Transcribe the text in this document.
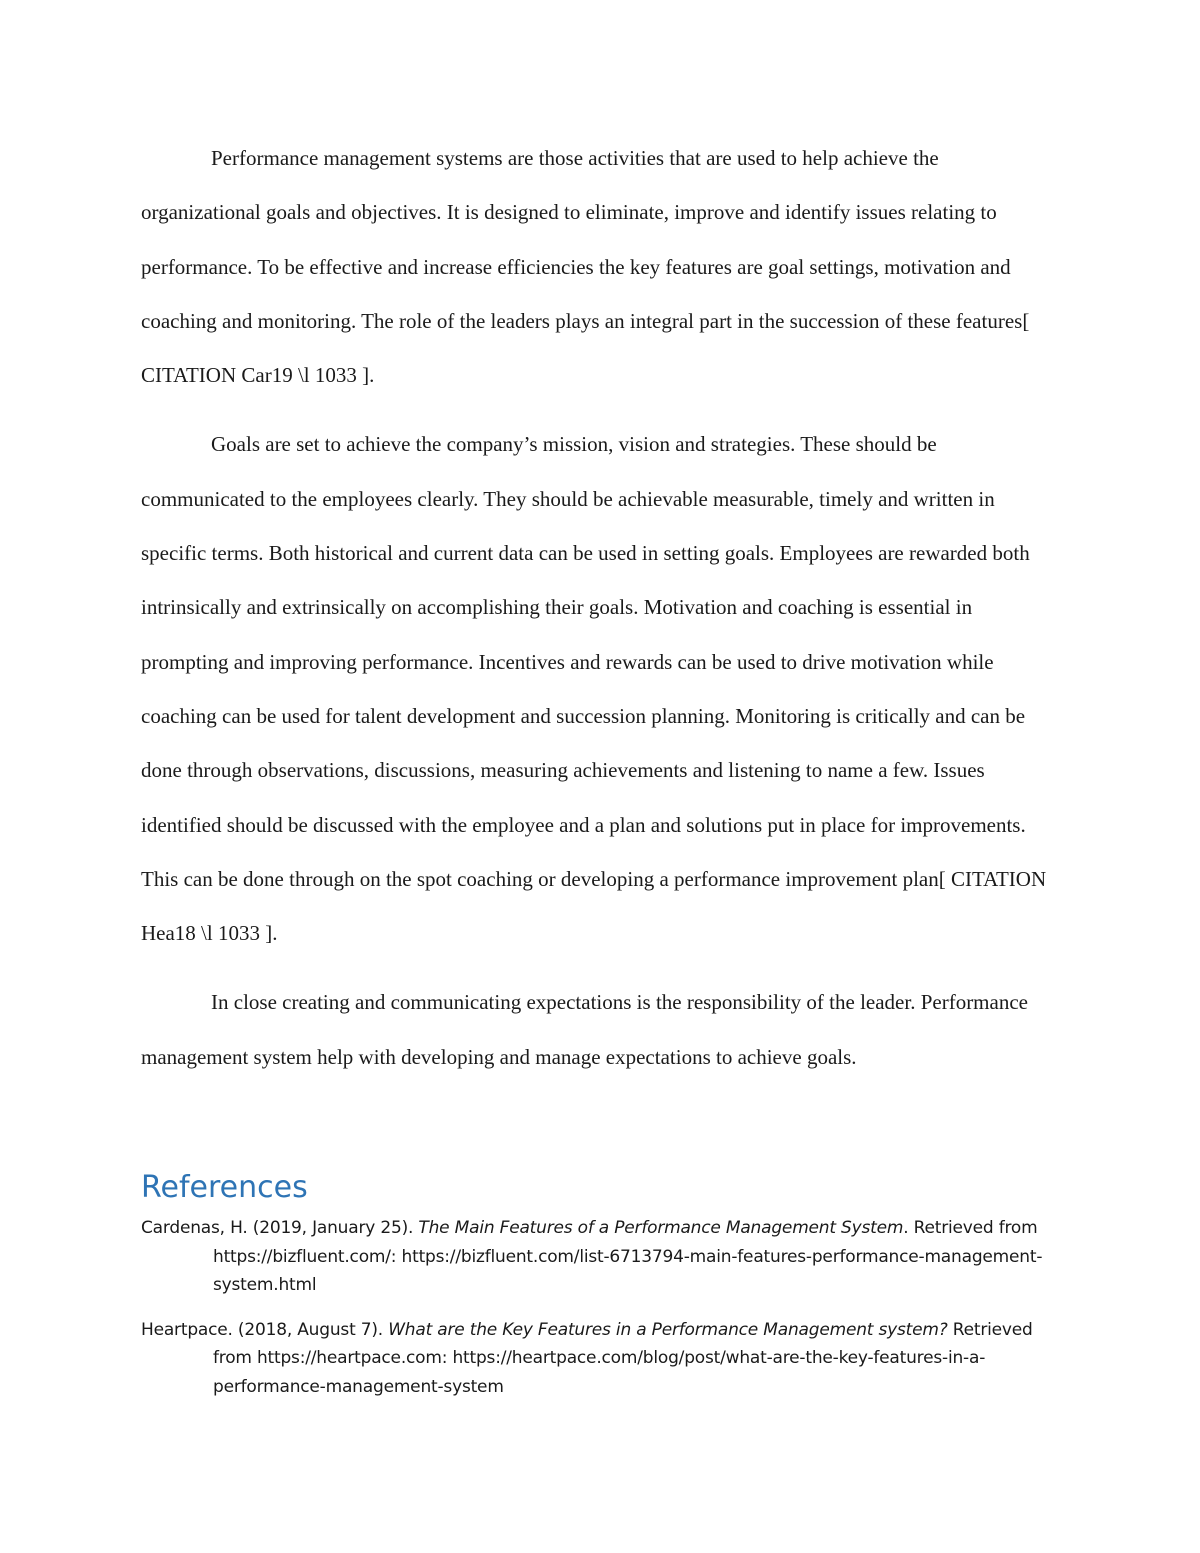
Performance management systems are those activities that are used to help achieve the organizational goals and objectives. It is designed to eliminate, improve and identify issues relating to performance. To be effective and increase efficiencies the key features are goal settings, motivation and coaching and monitoring. The role of the leaders plays an integral part in the succession of these features[ CITATION Car19 \l 1033 ].

Goals are set to achieve the company’s mission, vision and strategies. These should be communicated to the employees clearly. They should be achievable measurable, timely and written in specific terms. Both historical and current data can be used in setting goals. Employees are rewarded both intrinsically and extrinsically on accomplishing their goals. Motivation and coaching is essential in prompting and improving performance. Incentives and rewards can be used to drive motivation while coaching can be used for talent development and succession planning. Monitoring is critically and can be done through observations, discussions, measuring achievements and listening to name a few. Issues identified should be discussed with the employee and a plan and solutions put in place for improvements. This can be done through on the spot coaching or developing a performance improvement plan[ CITATION Hea18 \l 1033 ].

In close creating and communicating expectations is the responsibility of the leader. Performance management system help with developing and manage expectations to achieve goals.

References

Cardenas, H. (2019, January 25). The Main Features of a Performance Management System. Retrieved from https://bizfluent.com/: https://bizfluent.com/list-6713794-main-features-performance-management-system.html

Heartpace. (2018, August 7). What are the Key Features in a Performance Management system? Retrieved from https://heartpace.com: https://heartpace.com/blog/post/what-are-the-key-features-in-a-performance-management-system
